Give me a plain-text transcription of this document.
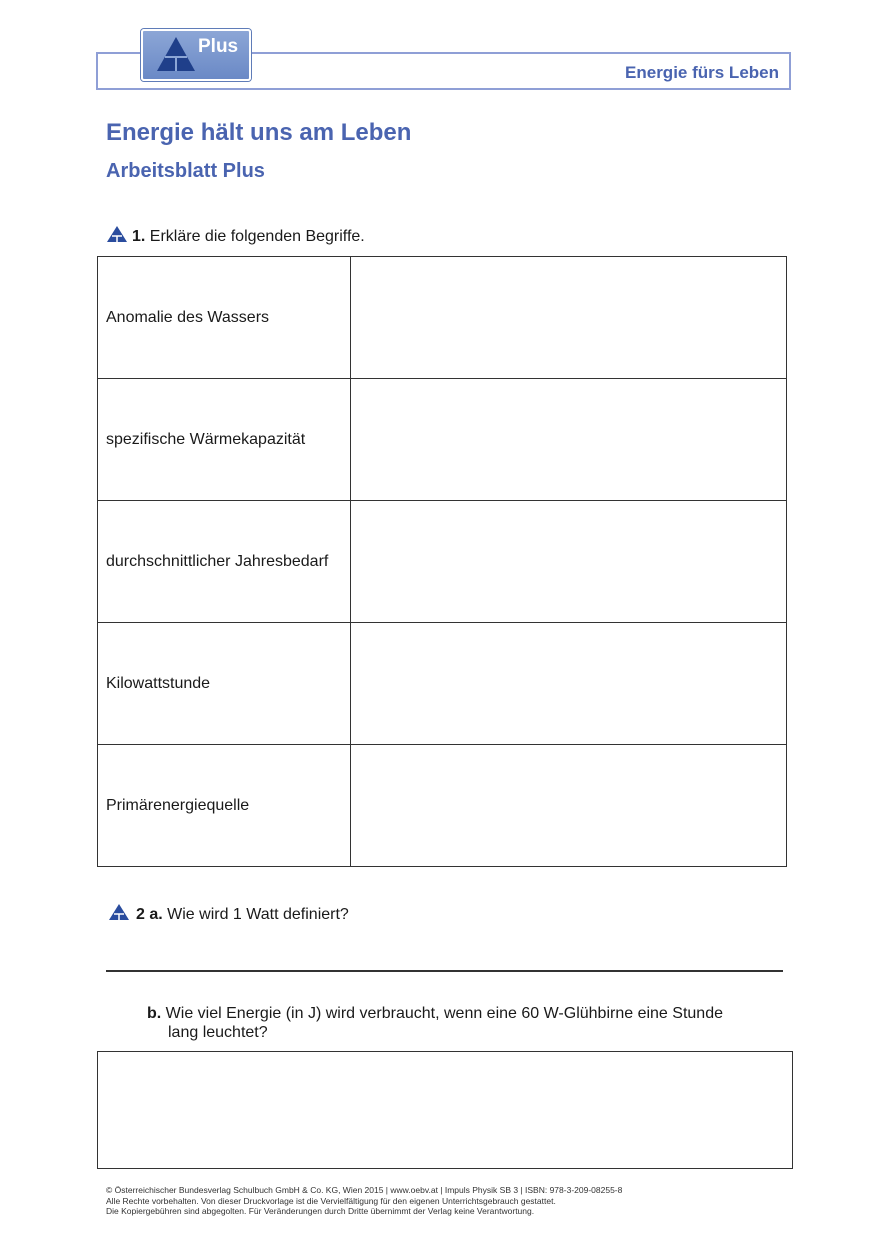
Energie fürs Leben
Plus
Energie hält uns am Leben
Arbeitsblatt Plus
1. Erkläre die folgenden Begriffe.
Anomalie des Wassers	
spezifische Wärmekapazität	
durchschnittlicher Jahresbedarf	
Kilowattstunde	
Primärenergiequelle	
2 a. Wie wird 1 Watt definiert?
b. Wie viel Energie (in J) wird verbraucht, wenn eine 60 W-Glühbirne eine Stunde
lang leuchtet?
© Österreichischer Bundesverlag Schulbuch GmbH & Co. KG, Wien 2015 | www.oebv.at | Impuls Physik SB 3 | ISBN: 978-3-209-08255-8
Alle Rechte vorbehalten. Von dieser Druckvorlage ist die Vervielfältigung für den eigenen Unterrichtsgebrauch gestattet.
Die Kopiergebühren sind abgegolten. Für Veränderungen durch Dritte übernimmt der Verlag keine Verantwortung.
